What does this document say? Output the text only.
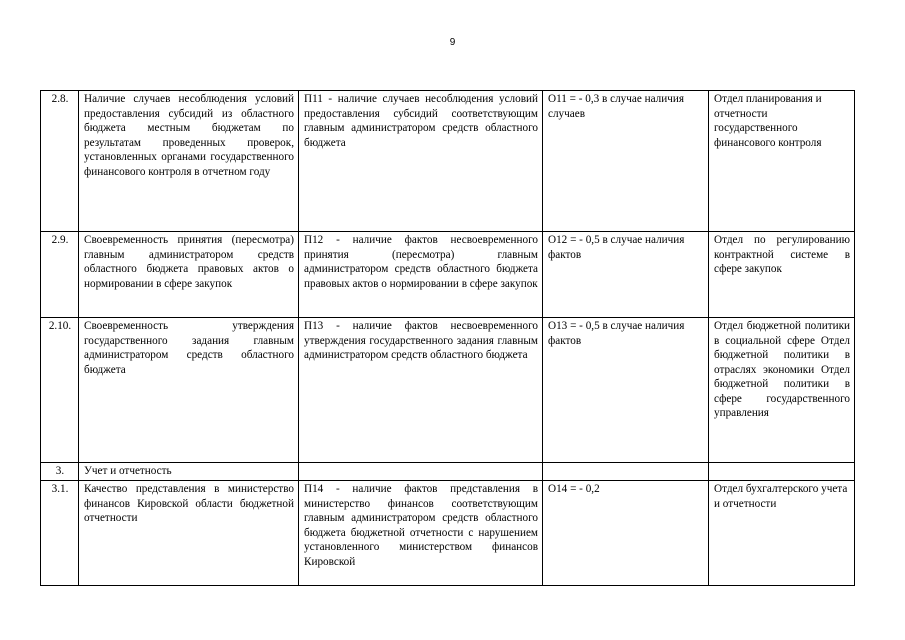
9
2.8.	Наличие случаев несоблюдения условий предоставления субсидий из областного бюджета местным бюджетам по результатам проведенных проверок, установленных органами государственного финансового контроля в отчетном году	П11 - наличие случаев несоблюдения условий предоставления субсидий соответствующим главным администратором средств областного бюджета	О11 = - 0,3 в случае наличия случаев	Отдел планирования и отчетности государственного финансового контроля
2.9.	Своевременность принятия (пересмотра) главным администратором средств областного бюджета правовых актов о нормировании в сфере закупок	П12 - наличие фактов несвоевременного принятия (пересмотра) главным администратором средств областного бюджета правовых актов о нормировании в сфере закупок	О12 = - 0,5 в случае наличия фактов	Отдел по регулированию контрактной системе в сфере закупок
2.10.	Своевременность утверждения государственного задания главным администратором средств областного бюджета	П13 - наличие фактов несвоевременного утверждения государственного задания главным администратором средств областного бюджета	О13 = - 0,5 в случае наличия фактов	Отдел бюджетной политики в социальной сфере Отдел бюджетной политики в отраслях экономики Отдел бюджетной политики в сфере государственного управления
3.	Учет и отчетность			
3.1.	Качество представления в министерство финансов Кировской области бюджетной отчетности	П14 - наличие фактов представления в министерство финансов соответствующим главным администратором средств областного бюджета бюджетной отчетности с нарушением установленного министерством финансов Кировской	О14 = - 0,2	Отдел бухгалтерского учета и отчетности
